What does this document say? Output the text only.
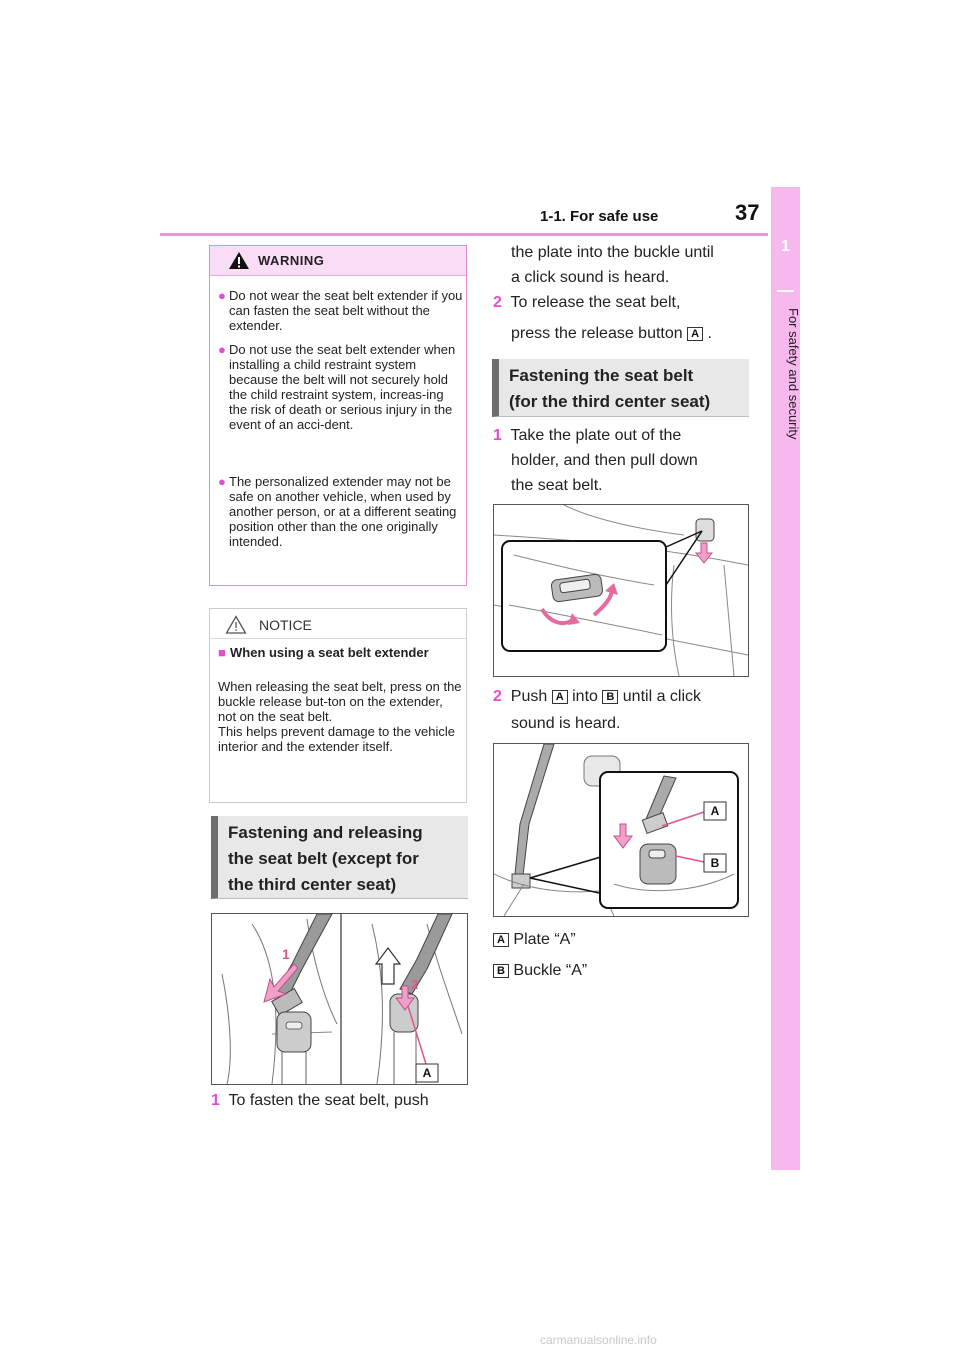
1-1. For safe use	37
1
For safety and security
WARNING
● Do not wear the seat belt extender if you can fasten the seat belt without the extender.
● Do not use the seat belt extender when installing a child restraint system because the belt will not securely hold the child restraint system, increas-ing the risk of death or serious injury in the event of an acci-dent.
● The personalized extender may not be safe on another vehicle, when used by another person, or at a different seating position other than the one originally intended.
NOTICE
■ When using a seat belt extender
When releasing the seat belt, press on the buckle release but-ton on the extender, not on the seat belt.
This helps prevent damage to the vehicle interior and the extender itself.
Fastening and releasing
the seat belt (except for
the third center seat)
1
2
A
1 To fasten the seat belt, push
the plate into the buckle until
a click sound is heard.
2 To release the seat belt,
press the release button A .
Fastening the seat belt
(for the third center seat)
1 Take the plate out of the
holder, and then pull down
the seat belt.
2 Push A into B until a click
sound is heard.
A
B
A Plate “A”
B Buckle “A”
carmanualsonline.info
